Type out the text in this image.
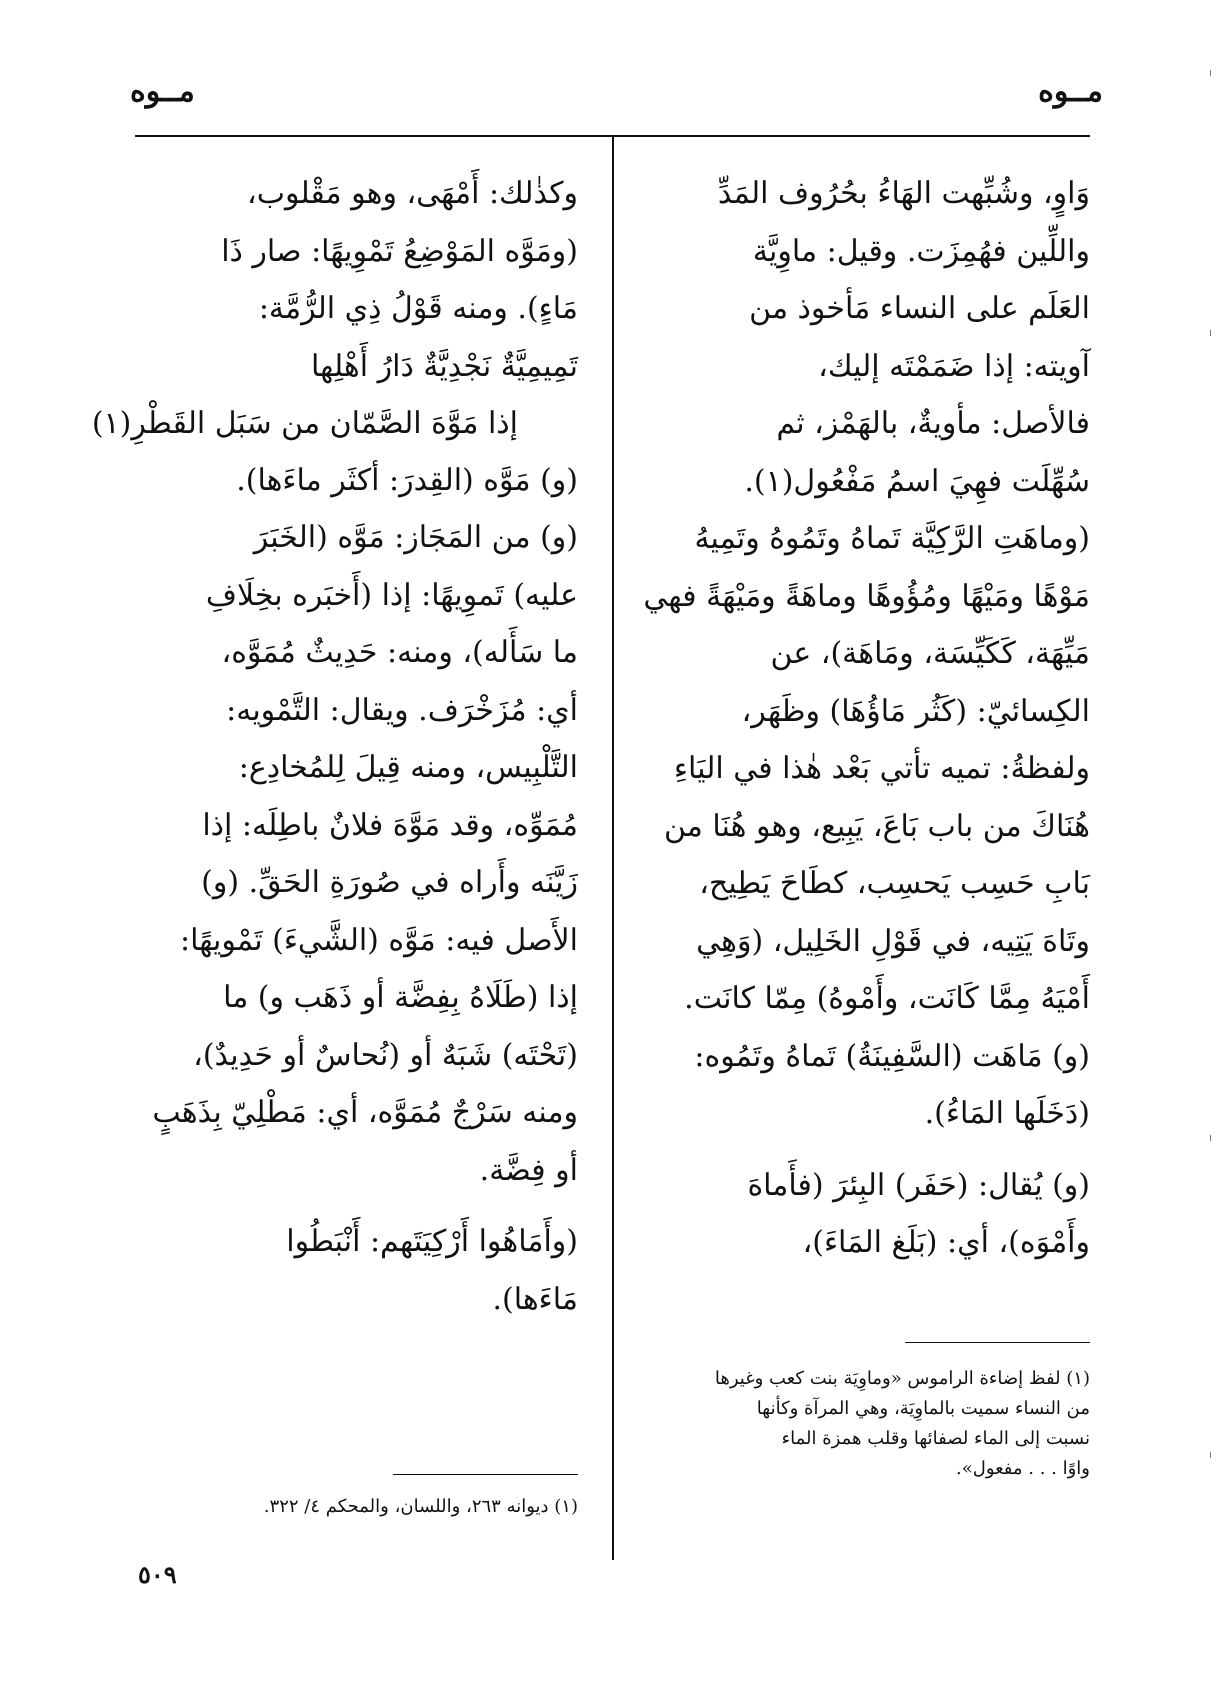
مــوه	مــوه
وَاوٍ، وشُبِّهت الهَاءُ بحُرُوف المَدِّ
واللِّين فهُمِزَت. وقيل: ماوِيَّة
العَلَم على النساء مَأخوذ من
آويته: إذا ضَمَمْتَه إليك،
فالأصل: مأويةٌ، بالهَمْز، ثم
سُهِّلَت فهِيَ اسمُ مَفْعُول(١).
(وماهَتِ الرَّكِيَّة تَماهُ وتَمُوهُ وتَمِيهُ
مَوْهًا ومَيْهًا ومُؤُوهًا وماهَةً ومَيْهَةً فهي
مَيِّهَة، كَكَيِّسَة، ومَاهَة)، عن
الكِسائيّ: (كَثُر مَاؤُهَا) وظَهَر،
ولفظةُ: تميه تأتي بَعْد هٰذا في اليَاءِ
هُنَاكَ من باب بَاعَ، يَبِيع، وهو هُنَا من
بَابِ حَسِب يَحسِب، كطَاحَ يَطِيح،
وتَاهَ يَتِيه، في قَوْلِ الخَلِيل، (وَهِي
أَمْيَهُ مِمَّا كَانَت، وأَمْوهُ) مِمّا كانَت.
(و) مَاهَت (السَّفِينَةُ) تَماهُ وتَمُوه:
(دَخَلَها المَاءُ).
(و) يُقال: (حَفَر) البِئرَ (فأَماهَ
وأَمْوَه)، أي: (بَلَغ المَاءَ)،
(١) لفظ إضاءة الراموس «وماوِيَة بنت كعب وغيرها
من النساء سميت بالماوِيَة، وهي المرآة وكأنها
نسبت إلى الماء لصفائها وقلب همزة الماء
واوًا . . . مفعول».
وكذٰلك: أَمْهَى، وهو مَقْلوب،
(ومَوَّه المَوْضِعُ تَمْوِيهًا: صار ذَا
مَاءٍ). ومنه قَوْلُ ذِي الرُّمَّة:
تَمِيمِيَّةٌ نَجْدِيَّةٌ دَارُ أَهْلِها
إذا مَوَّهَ الصَّمّان من سَبَل القَطْرِ(١)
(و) مَوَّه (القِدرَ: أكثَر ماءَها).
(و) من المَجَاز: مَوَّه (الخَبَرَ
عليه) تَموِيهًا: إذا (أَخبَره بخِلَافِ
ما سَأَله)، ومنه: حَدِيثٌ مُمَوَّه،
أي: مُزَخْرَف. ويقال: التَّمْويه:
التَّلْبِيس، ومنه قِيلَ لِلمُخادِع:
مُمَوِّه، وقد مَوَّهَ فلانٌ باطِلَه: إذا
زَيَّنَه وأَراه في صُورَةِ الحَقِّ. (و)
الأَصل فيه: مَوَّه (الشَّيءَ) تَمْويهًا:
إذا (طَلَاهُ بِفِضَّة أو ذَهَب و) ما
(تَحْتَه) شَبَهٌ أو (نُحاسٌ أو حَدِيدٌ)،
ومنه سَرْجٌ مُمَوَّه، أي: مَطْلِيّ بِذَهَبٍ
أو فِضَّة.
(وأَمَاهُوا أَرْكِيَتَهم: أَنْبَطُوا
مَاءَها).
(١) ديوانه ٢٦٣، واللسان، والمحكم ٤/ ٣٢٢.
٥٠٩
